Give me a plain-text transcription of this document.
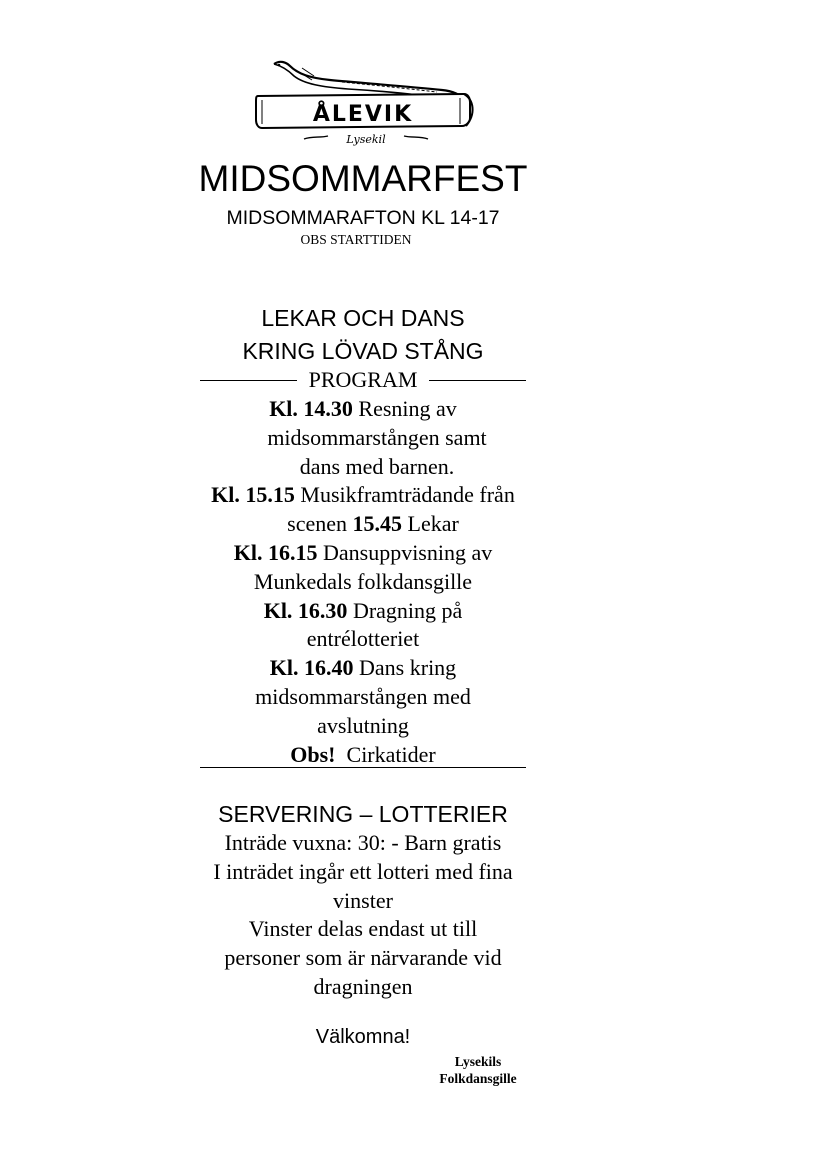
ÅLEVIK
Lysekil
MIDSOMMARFEST
MIDSOMMARAFTON KL 14-17
OBS STARTTIDEN
LEKAR OCH DANS
KRING LÖVAD STÅNG
PROGRAM
Kl. 14.30 Resning av
midsommarstången samt
dans med barnen.
Kl. 15.15 Musikframträdande från
scenen 15.45 Lekar
Kl. 16.15 Dansuppvisning av
Munkedals folkdansgille
Kl. 16.30 Dragning på
entrélotteriet
Kl. 16.40 Dans kring
midsommarstången med
avslutning
Obs!  Cirkatider
SERVERING – LOTTERIER
Inträde vuxna: 30: - Barn gratis
I inträdet ingår ett lotteri med fina
vinster
Vinster delas endast ut till
personer som är närvarande vid
dragningen
Välkomna!
Lysekils
Folkdansgille
